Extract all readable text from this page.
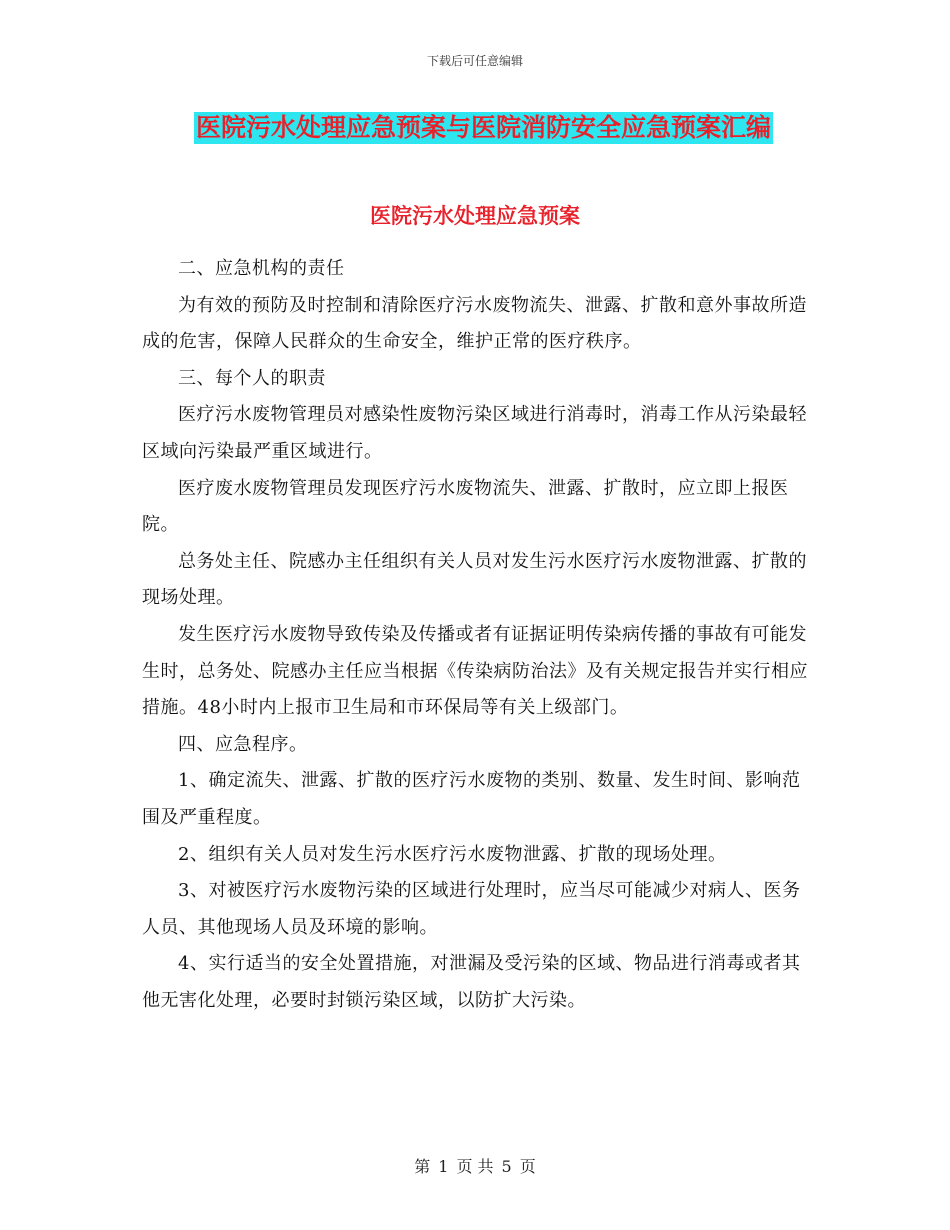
下载后可任意编辑
医院污水处理应急预案与医院消防安全应急预案汇编
医院污水处理应急预案

二、应急机构的责任

为有效的预防及时控制和清除医疗污水废物流失、泄露、扩散和意外事故所造成的危害，保障人民群众的生命安全，维护正常的医疗秩序。

三、每个人的职责

医疗污水废物管理员对感染性废物污染区域进行消毒时，消毒工作从污染最轻区域向污染最严重区域进行。

医疗废水废物管理员发现医疗污水废物流失、泄露、扩散时，应立即上报医院。

总务处主任、院感办主任组织有关人员对发生污水医疗污水废物泄露、扩散的现场处理。

发生医疗污水废物导致传染及传播或者有证据证明传染病传播的事故有可能发生时，总务处、院感办主任应当根据《传染病防治法》及有关规定报告并实行相应措施。48小时内上报市卫生局和市环保局等有关上级部门。

四、应急程序。

1、确定流失、泄露、扩散的医疗污水废物的类别、数量、发生时间、影响范围及严重程度。

2、组织有关人员对发生污水医疗污水废物泄露、扩散的现场处理。

3、对被医疗污水废物污染的区域进行处理时，应当尽可能减少对病人、医务人员、其他现场人员及环境的影响。

4、实行适当的安全处置措施，对泄漏及受污染的区域、物品进行消毒或者其他无害化处理，必要时封锁污染区域，以防扩大污染。

第 1 页 共 5 页
